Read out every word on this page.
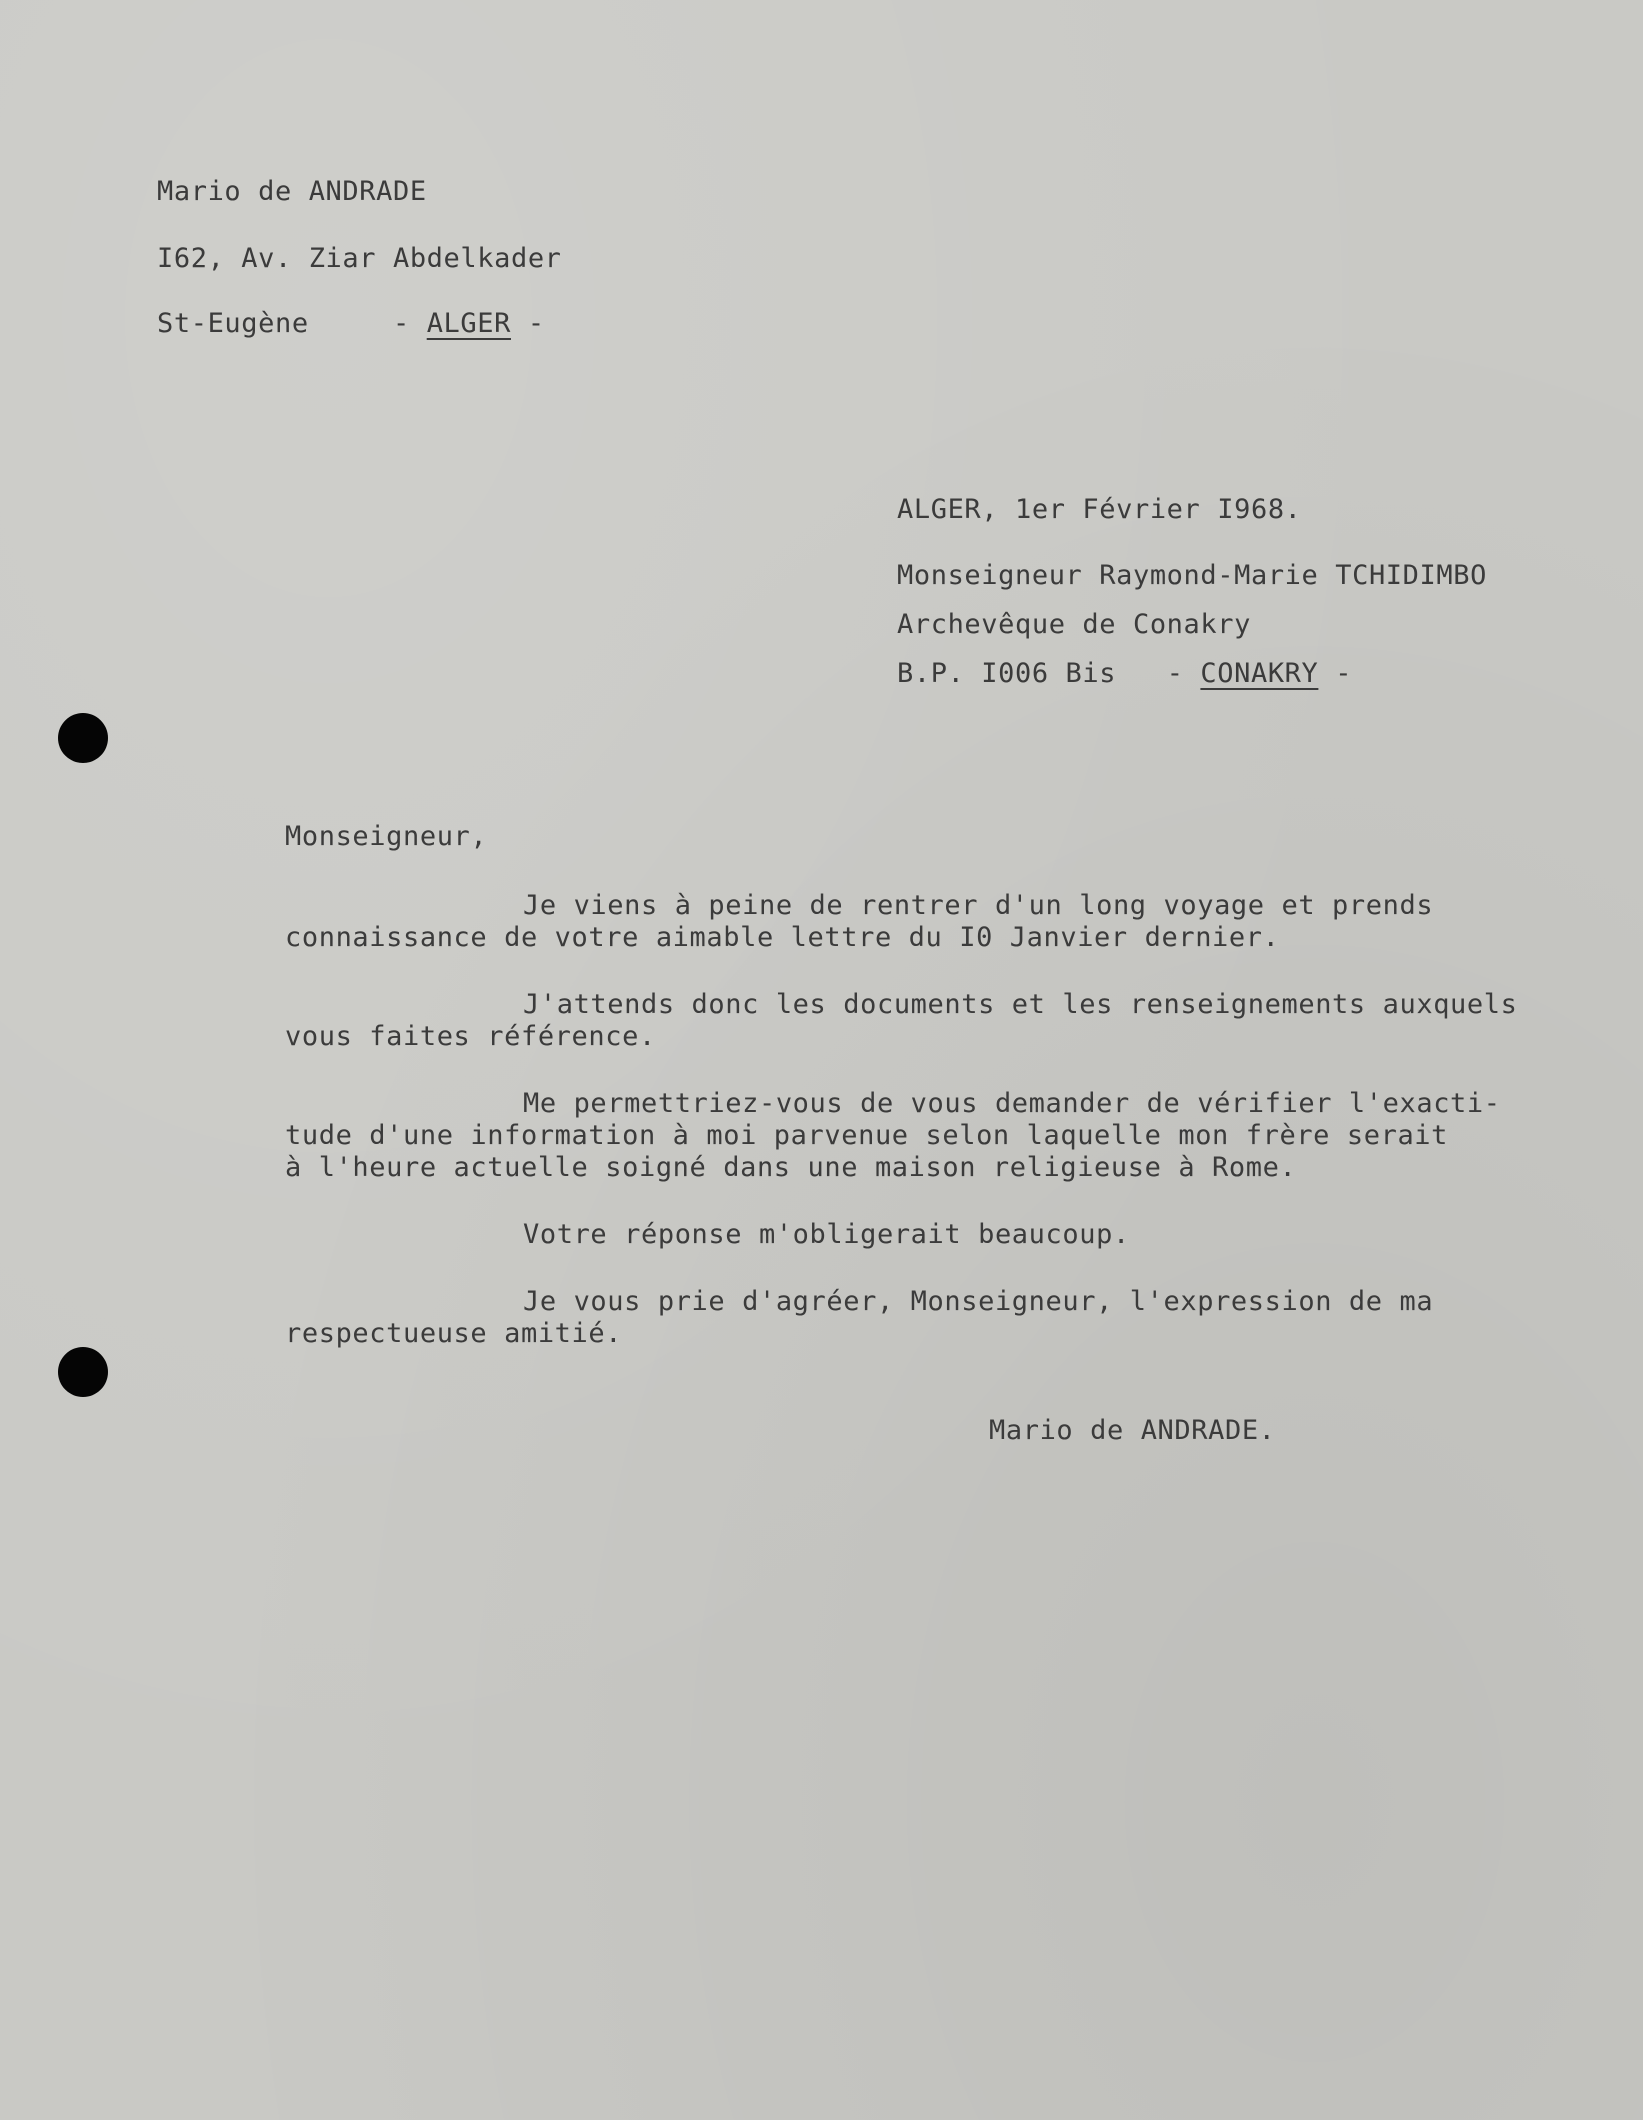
Mario de ANDRADE
I62, Av. Ziar Abdelkader
St-Eugène     - ALGER -
ALGER, 1er Février I968.
Monseigneur Raymond-Marie TCHIDIMBO
Archevêque de Conakry
B.P. I006 Bis   - CONAKRY -
Monseigneur,
Je viens à peine de rentrer d'un long voyage et prends
connaissance de votre aimable lettre du I0 Janvier dernier.
J'attends donc les documents et les renseignements auxquels
vous faites référence.
Me permettriez-vous de vous demander de vérifier l'exacti-
tude d'une information à moi parvenue selon laquelle mon frère serait
à l'heure actuelle soigné dans une maison religieuse à Rome.
Votre réponse m'obligerait beaucoup.
Je vous prie d'agréer, Monseigneur, l'expression de ma
respectueuse amitié.
Mario de ANDRADE.
